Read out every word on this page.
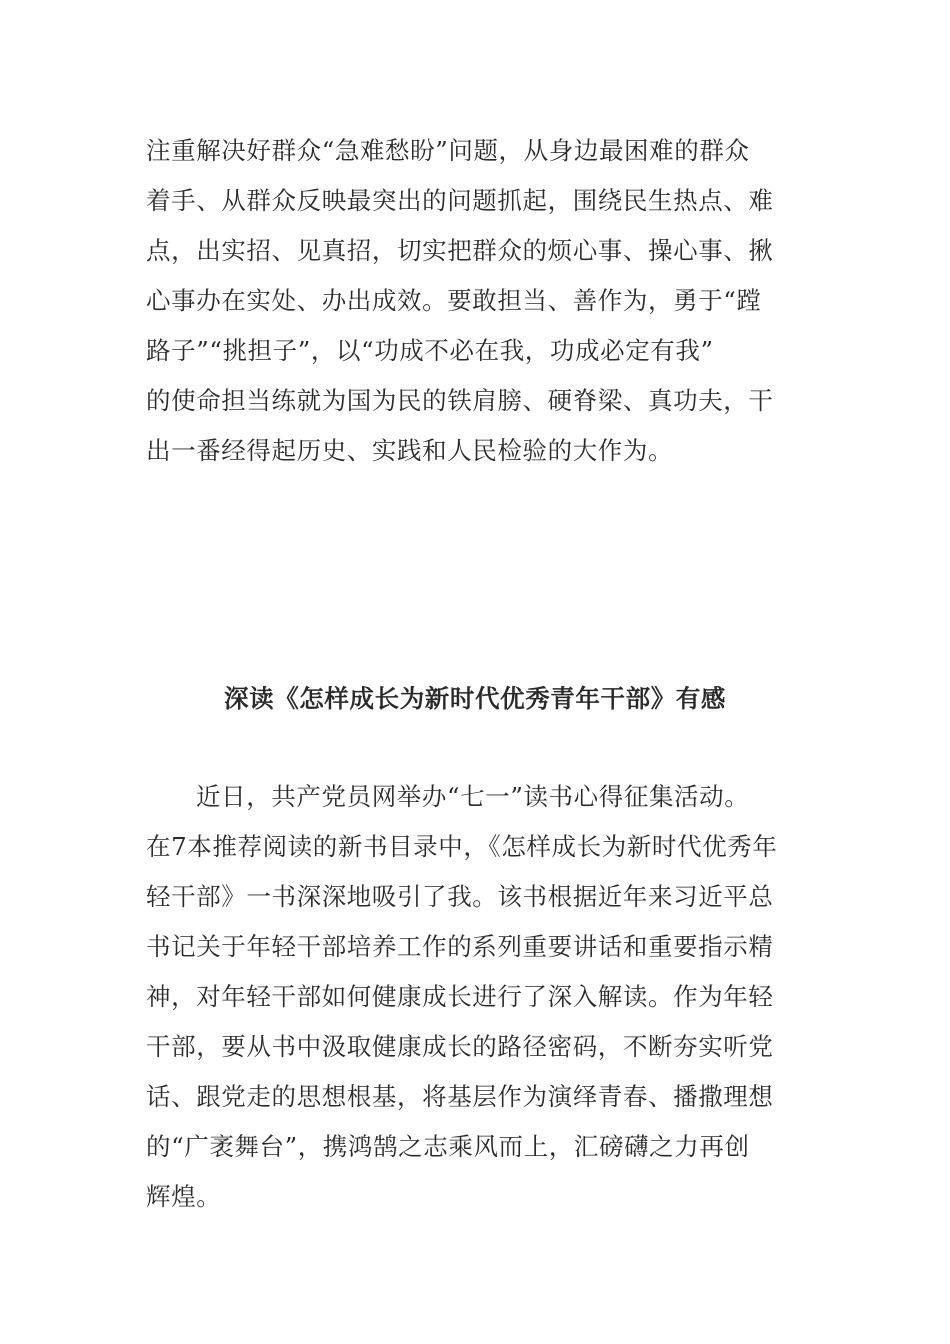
注重解决好群众“急难愁盼”问题，从身边最困难的群众
着手、从群众反映最突出的问题抓起，围绕民生热点、难
点，出实招、见真招，切实把群众的烦心事、操心事、揪
心事办在实处、办出成效。要敢担当、善作为，勇于“蹚
路子”“挑担子”，以“功成不必在我，功成必定有我”
的使命担当练就为国为民的铁肩膀、硬脊梁、真功夫，干
出一番经得起历史、实践和人民检验的大作为。
深读《怎样成长为新时代优秀青年干部》有感
近日，共产党员网举办“七一”读书心得征集活动。
在7本推荐阅读的新书目录中，《怎样成长为新时代优秀年
轻干部》一书深深地吸引了我。该书根据近年来习近平总
书记关于年轻干部培养工作的系列重要讲话和重要指示精
神，对年轻干部如何健康成长进行了深入解读。作为年轻
干部，要从书中汲取健康成长的路径密码，不断夯实听党
话、跟党走的思想根基，将基层作为演绎青春、播撒理想
的“广袤舞台”，携鸿鹄之志乘风而上，汇磅礴之力再创
辉煌。
